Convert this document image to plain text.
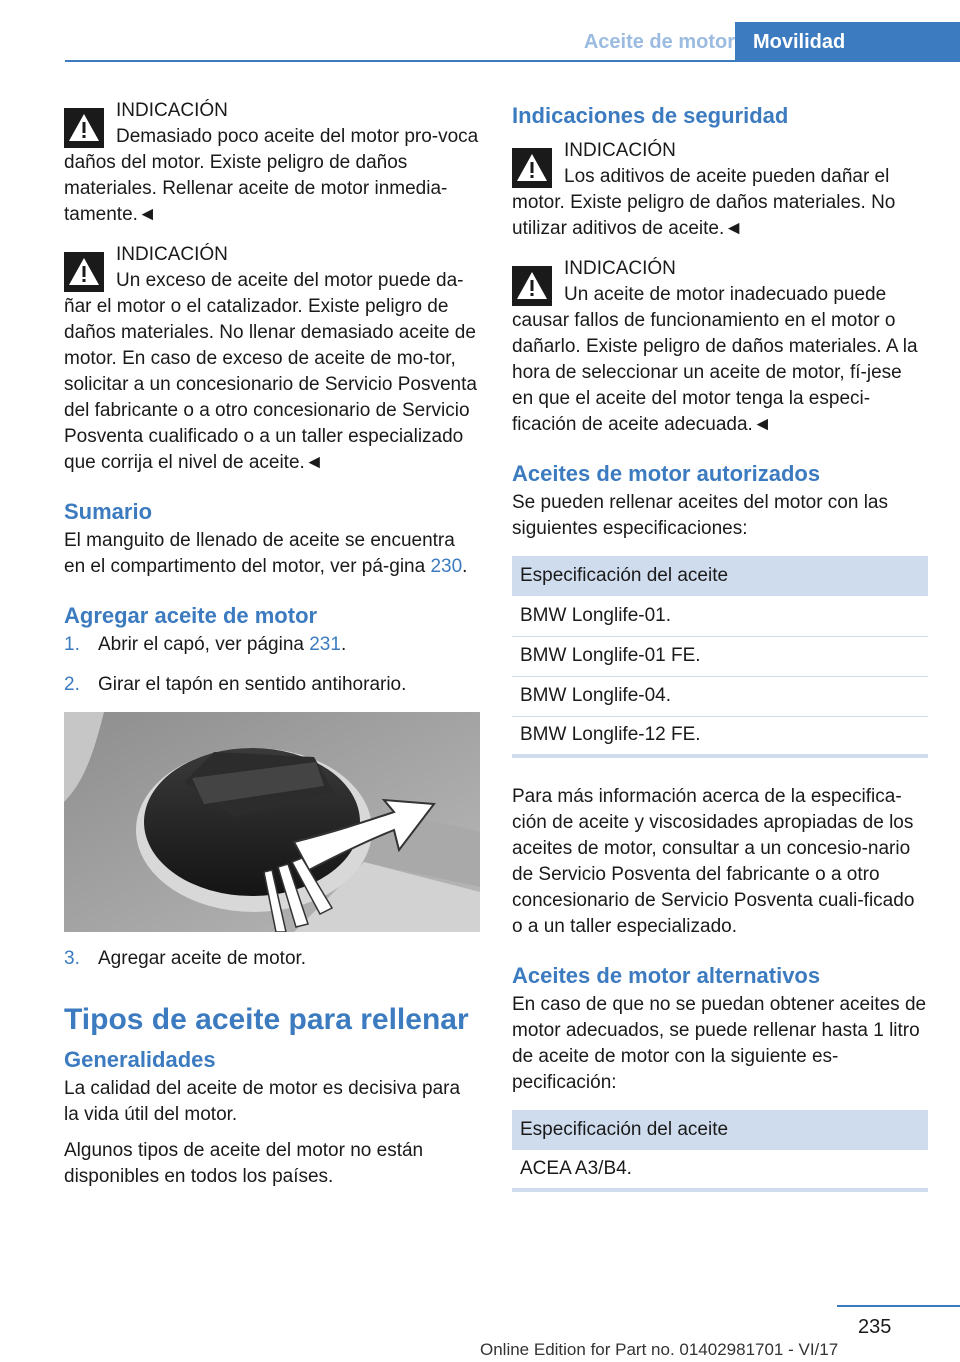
Aceite de motor Movilidad
INDICACIÓN
Demasiado poco aceite del motor pro-voca daños del motor. Existe peligro de daños materiales. Rellenar aceite de motor inmedia-tamente.◄
INDICACIÓN
Un exceso de aceite del motor puede da-ñar el motor o el catalizador. Existe peligro de daños materiales. No llenar demasiado aceite de motor. En caso de exceso de aceite de mo-tor, solicitar a un concesionario de Servicio Posventa del fabricante o a otro concesionario de Servicio Posventa cualificado o a un taller especializado que corrija el nivel de aceite.◄
Sumario

El manguito de llenado de aceite se encuentra en el compartimento del motor, ver pá-gina 230.

Agregar aceite de motor
1. Abrir el capó, ver página 231.
2. Girar el tapón en sentido antihorario.
3. Agregar aceite de motor.
Tipos de aceite para rellenar
Generalidades

La calidad del aceite de motor es decisiva para la vida útil del motor.

Algunos tipos de aceite del motor no están disponibles en todos los países.

Indicaciones de seguridad
INDICACIÓN
Los aditivos de aceite pueden dañar el motor. Existe peligro de daños materiales. No utilizar aditivos de aceite.◄
INDICACIÓN
Un aceite de motor inadecuado puede causar fallos de funcionamiento en el motor o dañarlo. Existe peligro de daños materiales. A la hora de seleccionar un aceite de motor, fí-jese en que el aceite del motor tenga la especi-ficación de aceite adecuada.◄
Aceites de motor autorizados

Se pueden rellenar aceites del motor con las siguientes especificaciones:

Especificación del aceite
BMW Longlife-01.
BMW Longlife-01 FE.
BMW Longlife-04.
BMW Longlife-12 FE.

Para más información acerca de la especifica-ción de aceite y viscosidades apropiadas de los aceites de motor, consultar a un concesio-nario de Servicio Posventa del fabricante o a otro concesionario de Servicio Posventa cuali-ficado o a un taller especializado.

Aceites de motor alternativos

En caso de que no se puedan obtener aceites de motor adecuados, se puede rellenar hasta 1 litro de aceite de motor con la siguiente es-pecificación:

Especificación del aceite
ACEA A3/B4.
235
Online Edition for Part no. 01402981701 - VI/17
